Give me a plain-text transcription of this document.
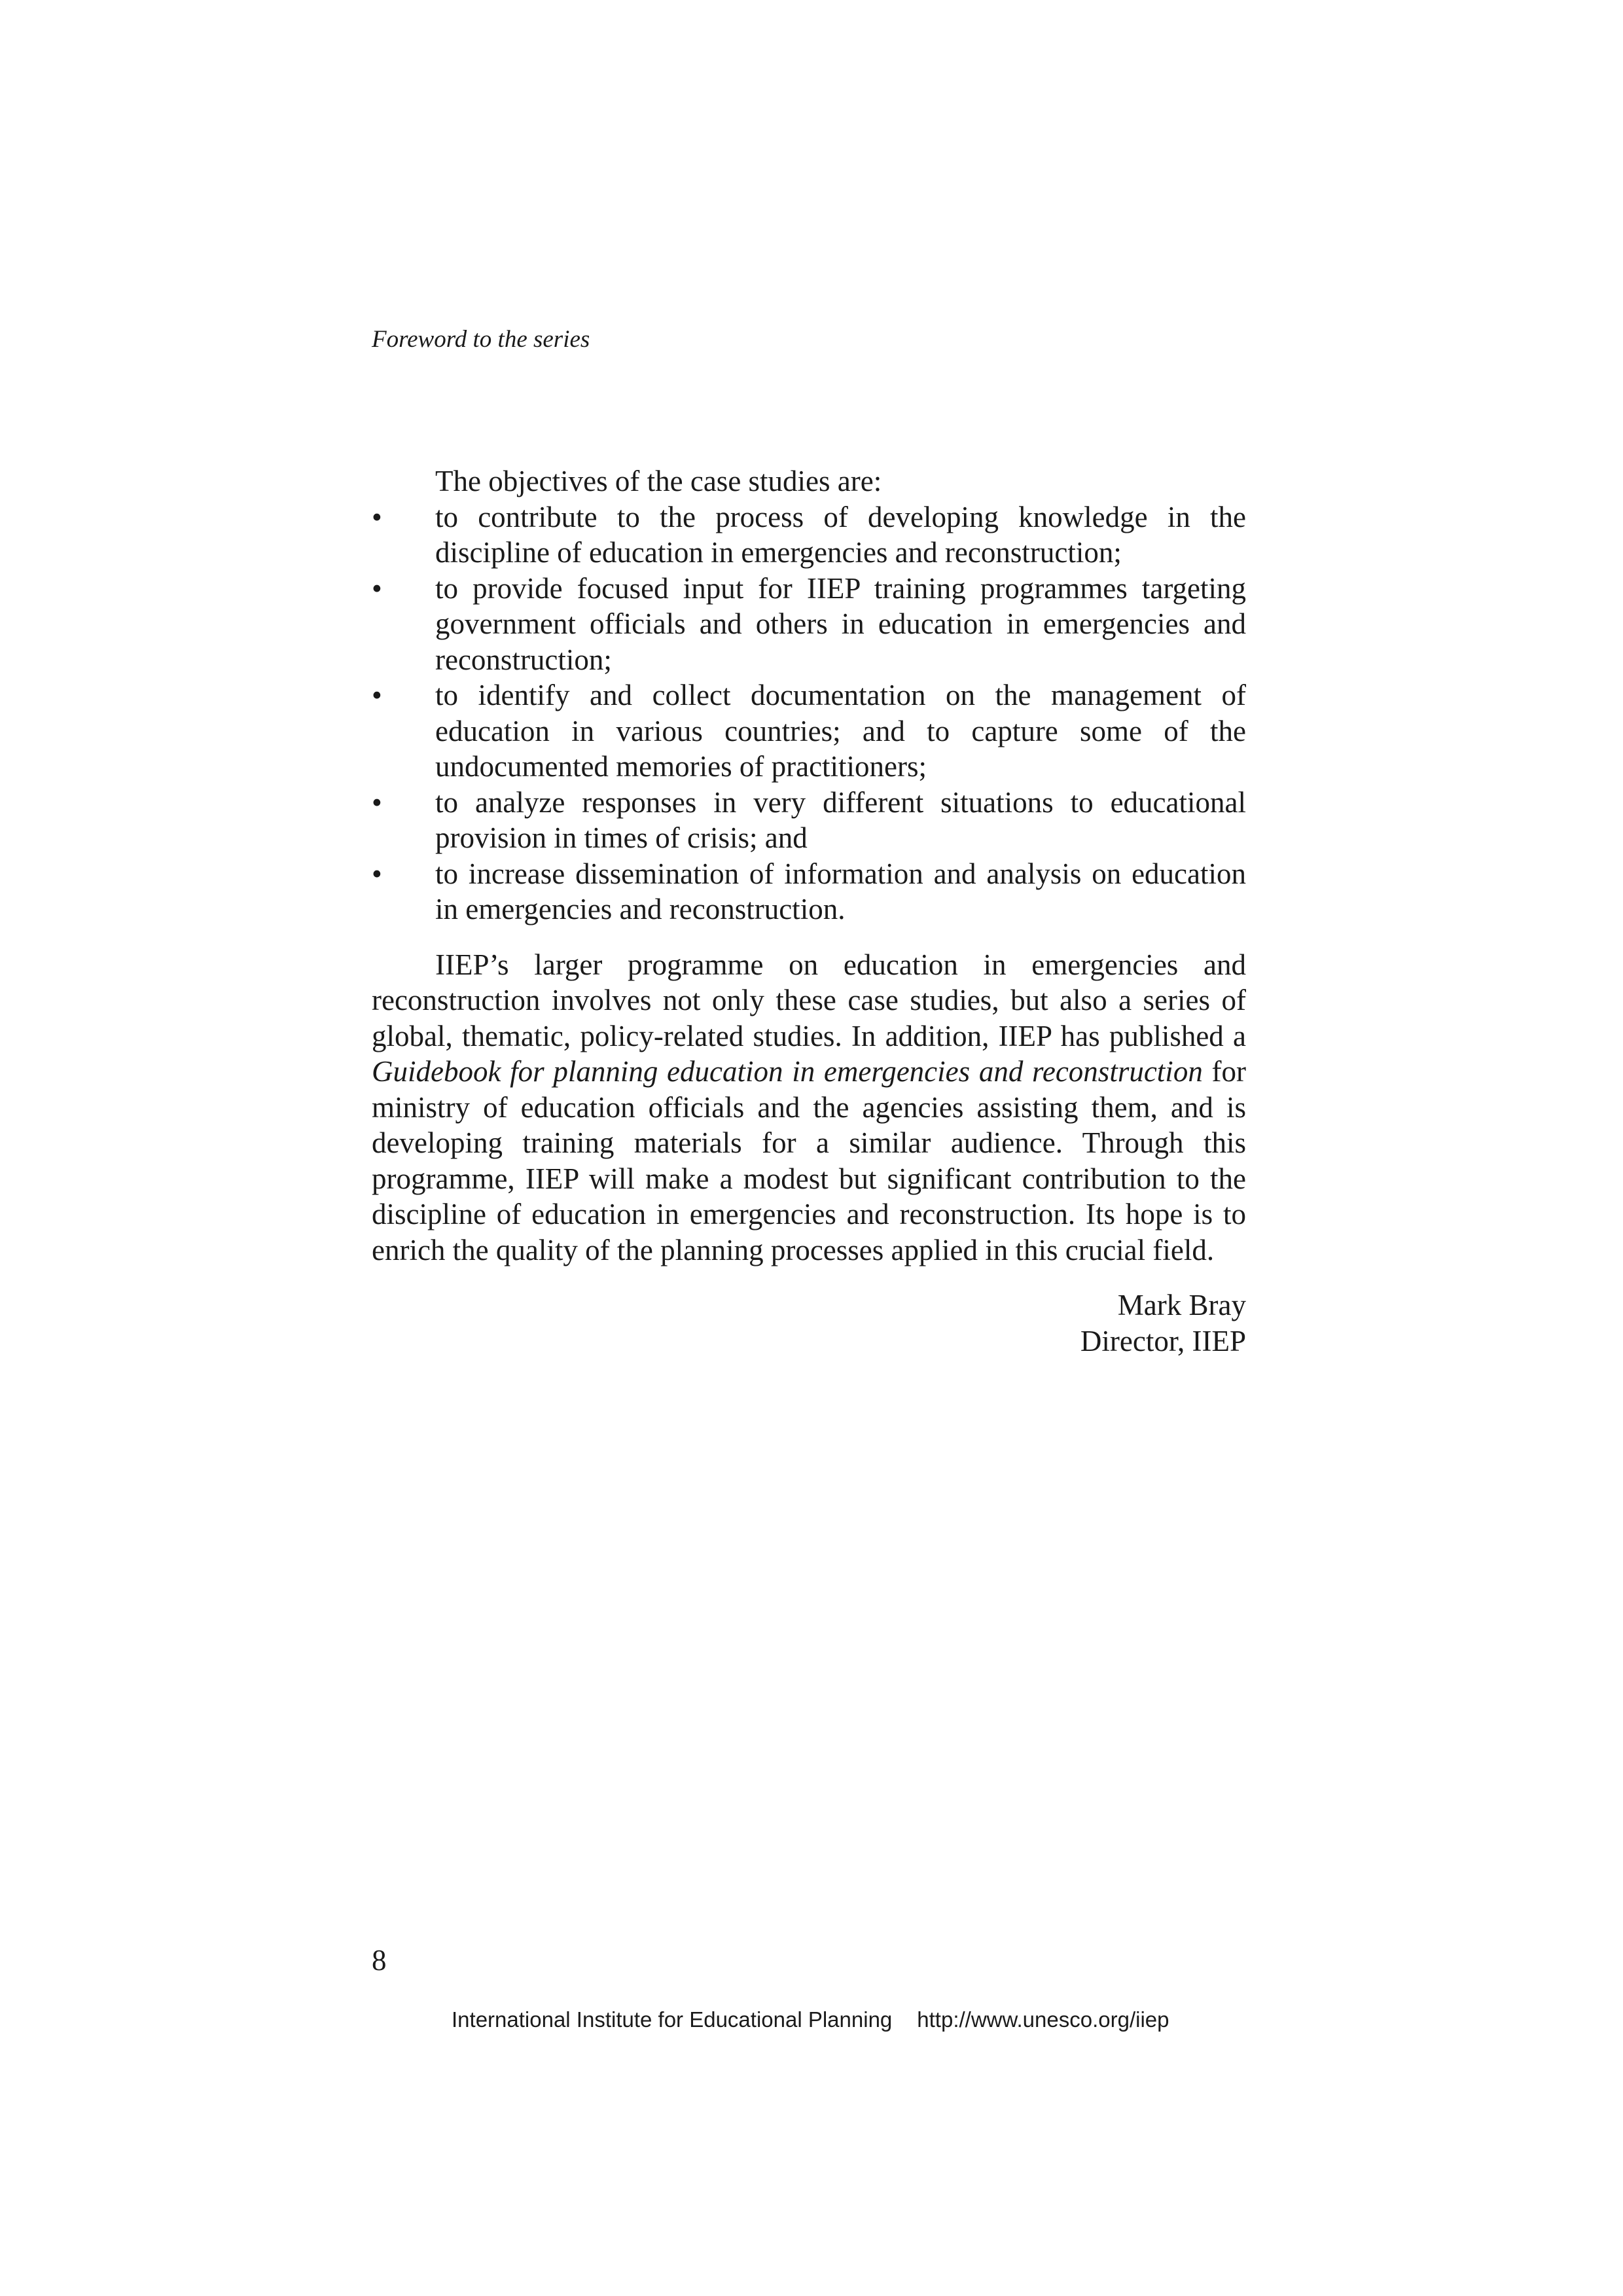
Foreword to the series

The objectives of the case studies are:

• to contribute to the process of developing knowledge in the discipline of education in emergencies and reconstruction;
• to provide focused input for IIEP training programmes targeting government officials and others in education in emergencies and reconstruction;
• to identify and collect documentation on the management of education in various countries; and to capture some of the undocumented memories of practitioners;
• to analyze responses in very different situations to educational provision in times of crisis; and
• to increase dissemination of information and analysis on education in emergencies and reconstruction.

IIEP’s larger programme on education in emergencies and reconstruction involves not only these case studies, but also a series of global, thematic, policy-related studies. In addition, IIEP has published a Guidebook for planning education in emergencies and reconstruction for ministry of education officials and the agencies assisting them, and is developing training materials for a similar audience. Through this programme, IIEP will make a modest but significant contribution to the discipline of education in emergencies and reconstruction. Its hope is to enrich the quality of the planning processes applied in this crucial field.

Mark Bray
Director, IIEP
8
International Institute for Educational Planning http://www.unesco.org/iiep
